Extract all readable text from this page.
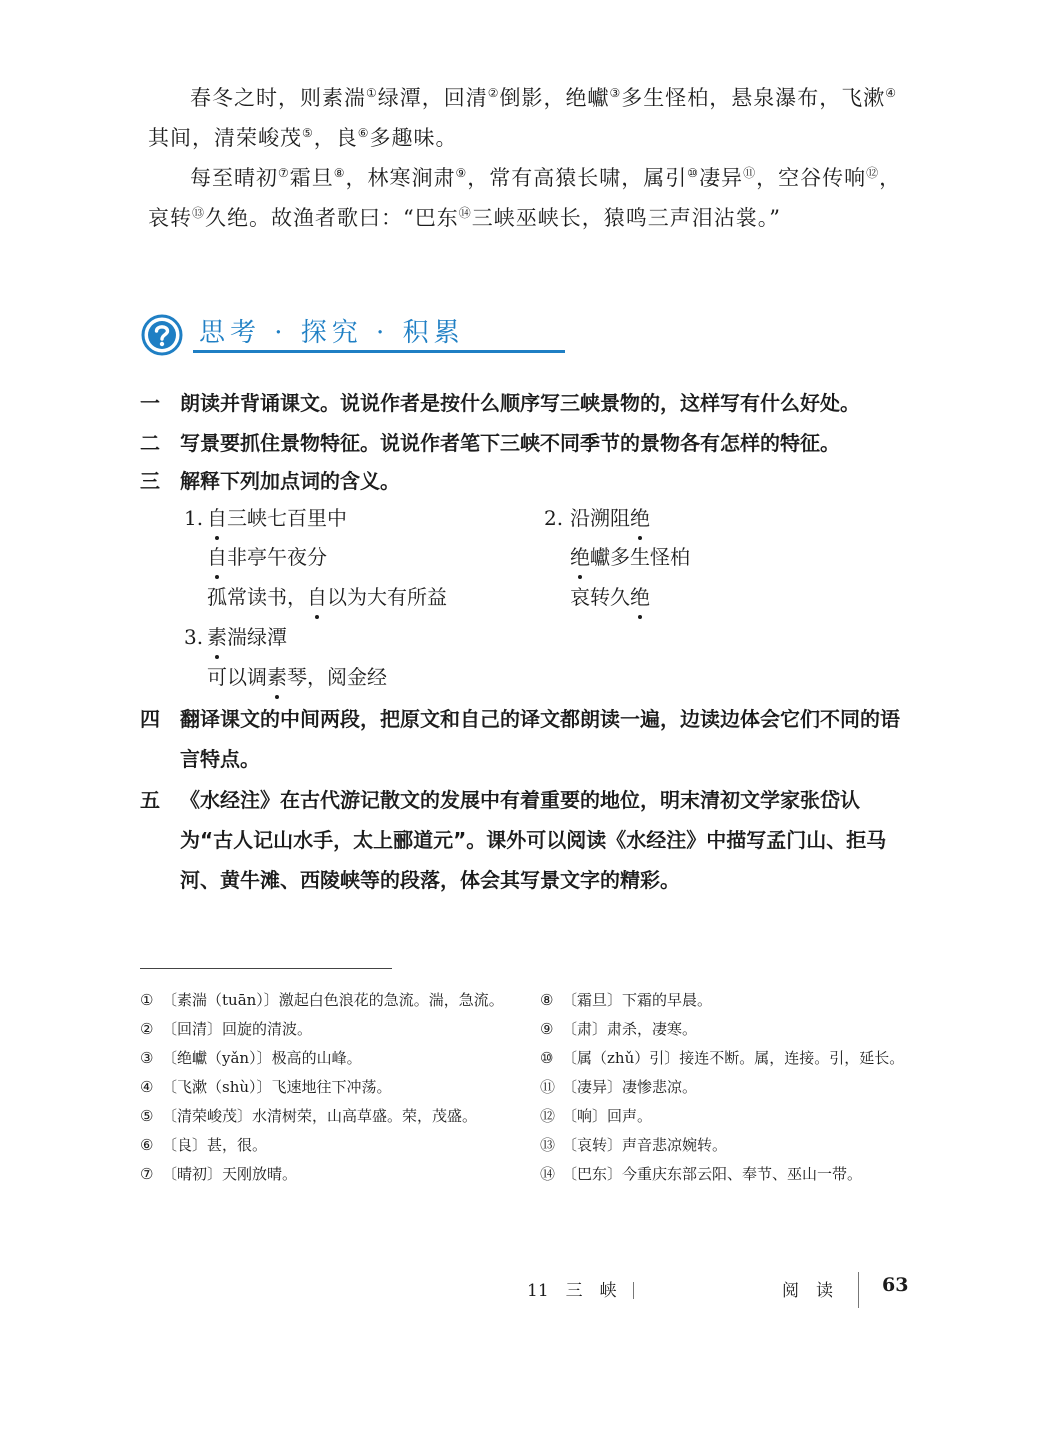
春冬之时，则素湍①绿潭，回清②倒影，绝巘③多生怪柏，悬泉瀑布，飞漱④其间，清荣峻茂⑤，良⑥多趣味。

每至晴初⑦霜旦⑧，林寒涧肃⑨，常有高猿长啸，属引⑩凄异⑪，空谷传响⑫，哀转⑬久绝。故渔者歌曰：“巴东⑭三峡巫峡长，猿鸣三声泪沾裳。”

思考 · 探究 · 积累
一 朗读并背诵课文。说说作者是按什么顺序写三峡景物的，这样写有什么好处。
二 写景要抓住景物特征。说说作者笔下三峡不同季节的景物各有怎样的特征。
三 解释下列加点词的含义。
1. 自三峡七百里中
自非亭午夜分
孤常读书，自以为大有所益
2. 沿溯阻绝
绝巘多生怪柏
哀转久绝
3. 素湍绿潭
可以调素琴，阅金经
四 翻译课文的中间两段，把原文和自己的译文都朗读一遍，边读边体会它们不同的语言特点。
五 《水经注》在古代游记散文的发展中有着重要的地位，明末清初文学家张岱认为“古人记山水手，太上郦道元”。课外可以阅读《水经注》中描写孟门山、拒马河、黄牛滩、西陵峡等的段落，体会其写景文字的精彩。

① 〔素湍（tuān）〕激起白色浪花的急流。湍，急流。

② 〔回清〕回旋的清波。

③ 〔绝巘（yǎn）〕极高的山峰。

④ 〔飞漱（shù）〕飞速地往下冲荡。

⑤ 〔清荣峻茂〕水清树荣，山高草盛。荣，茂盛。

⑥ 〔良〕甚，很。

⑦ 〔晴初〕天刚放晴。

⑧ 〔霜旦〕下霜的早晨。

⑨ 〔肃〕肃杀，凄寒。

⑩ 〔属（zhǔ）引〕接连不断。属，连接。引，延长。

⑪ 〔凄异〕凄惨悲凉。

⑫ 〔响〕回声。

⑬ 〔哀转〕声音悲凉婉转。

⑭ 〔巴东〕今重庆东部云阳、奉节、巫山一带。

11　三　峡	阅　读	63
